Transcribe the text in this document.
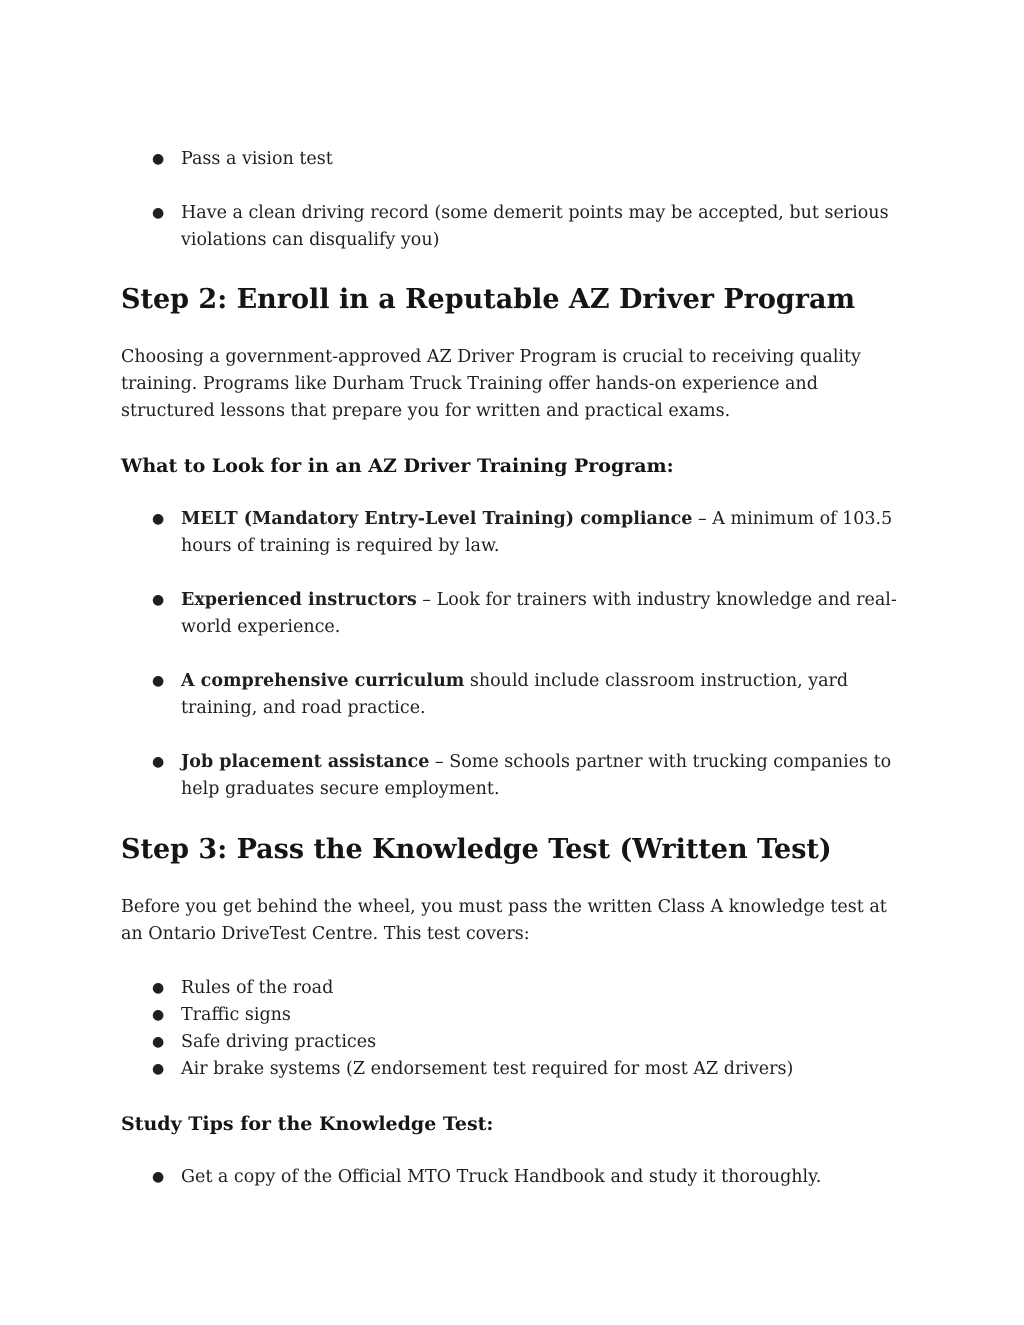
● Pass a vision test
● Have a clean driving record (some demerit points may be accepted, but serious violations can disqualify you)
Step 2: Enroll in a Reputable AZ Driver Program

Choosing a government-approved AZ Driver Program is crucial to receiving quality training. Programs like Durham Truck Training offer hands-on experience and structured lessons that prepare you for written and practical exams.

What to Look for in an AZ Driver Training Program:
● MELT (Mandatory Entry-Level Training) compliance – A minimum of 103.5 hours of training is required by law.
● Experienced instructors – Look for trainers with industry knowledge and real-world experience.
● A comprehensive curriculum should include classroom instruction, yard training, and road practice.
● Job placement assistance – Some schools partner with trucking companies to help graduates secure employment.
Step 3: Pass the Knowledge Test (Written Test)

Before you get behind the wheel, you must pass the written Class A knowledge test at an Ontario DriveTest Centre. This test covers:

● Rules of the road
● Traffic signs
● Safe driving practices
● Air brake systems (Z endorsement test required for most AZ drivers)
Study Tips for the Knowledge Test:
● Get a copy of the Official MTO Truck Handbook and study it thoroughly.
